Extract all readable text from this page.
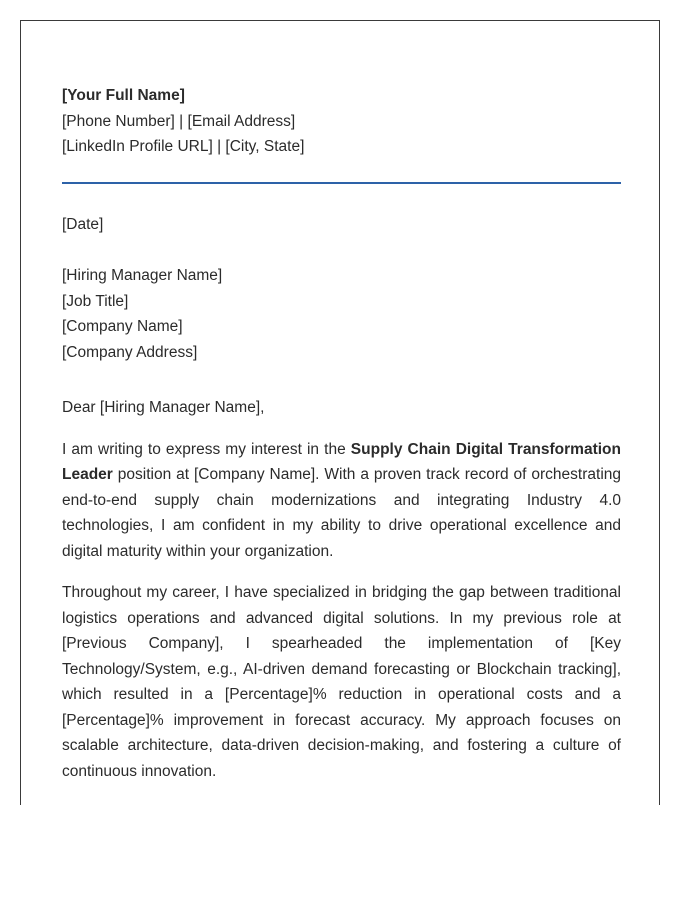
[Your Full Name]
[Phone Number] | [Email Address]
[LinkedIn Profile URL] | [City, State]
[Date]
[Hiring Manager Name]
[Job Title]
[Company Name]
[Company Address]
Dear [Hiring Manager Name],

I am writing to express my interest in the Supply Chain Digital Transformation Leader position at [Company Name]. With a proven track record of orchestrating end-to-end supply chain modernizations and integrating Industry 4.0 technologies, I am confident in my ability to drive operational excellence and digital maturity within your organization.

Throughout my career, I have specialized in bridging the gap between traditional logistics operations and advanced digital solutions. In my previous role at [Previous Company], I spearheaded the implementation of [Key Technology/System, e.g., AI-driven demand forecasting or Blockchain tracking], which resulted in a [Percentage]% reduction in operational costs and a [Percentage]% improvement in forecast accuracy. My approach focuses on scalable architecture, data-driven decision-making, and fostering a culture of continuous innovation.
